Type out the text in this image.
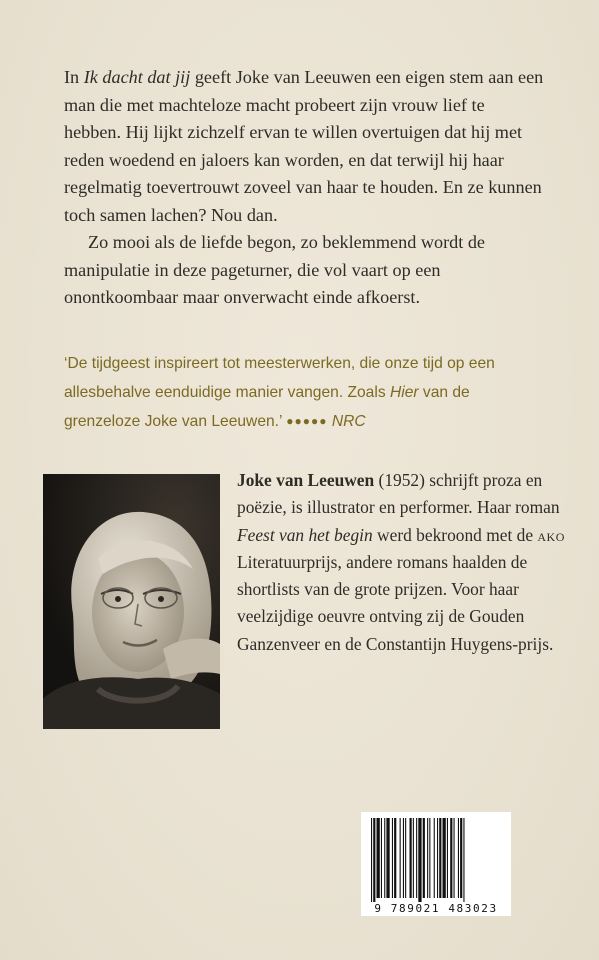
In Ik dacht dat jij geeft Joke van Leeuwen een eigen stem aan een man die met machteloze macht probeert zijn vrouw lief te hebben. Hij lijkt zichzelf ervan te willen overtuigen dat hij met reden woedend en jaloers kan worden, en dat terwijl hij haar regelmatig toevertrouwt zoveel van haar te houden. En ze kunnen toch samen lachen? Nou dan.

Zo mooi als de liefde begon, zo beklemmend wordt de manipulatie in deze pageturner, die vol vaart op een onontkoombaar maar onverwacht einde afkoerst.

‘De tijdgeest inspireert tot meesterwerken, die onze tijd op een allesbehalve eenduidige manier vangen. Zoals Hier van de grenzeloze Joke van Leeuwen.’ ●●●●● NRC
Joke van Leeuwen (1952) schrijft proza en poëzie, is illustrator en performer. Haar roman Feest van het begin werd bekroond met de ako Literatuurprijs, andere romans haalden de shortlists van de grote prijzen. Voor haar veelzijdige oeuvre ontving zij de Gouden Ganzenveer en de Constantijn Huygens-prijs.
9 789021 483023
